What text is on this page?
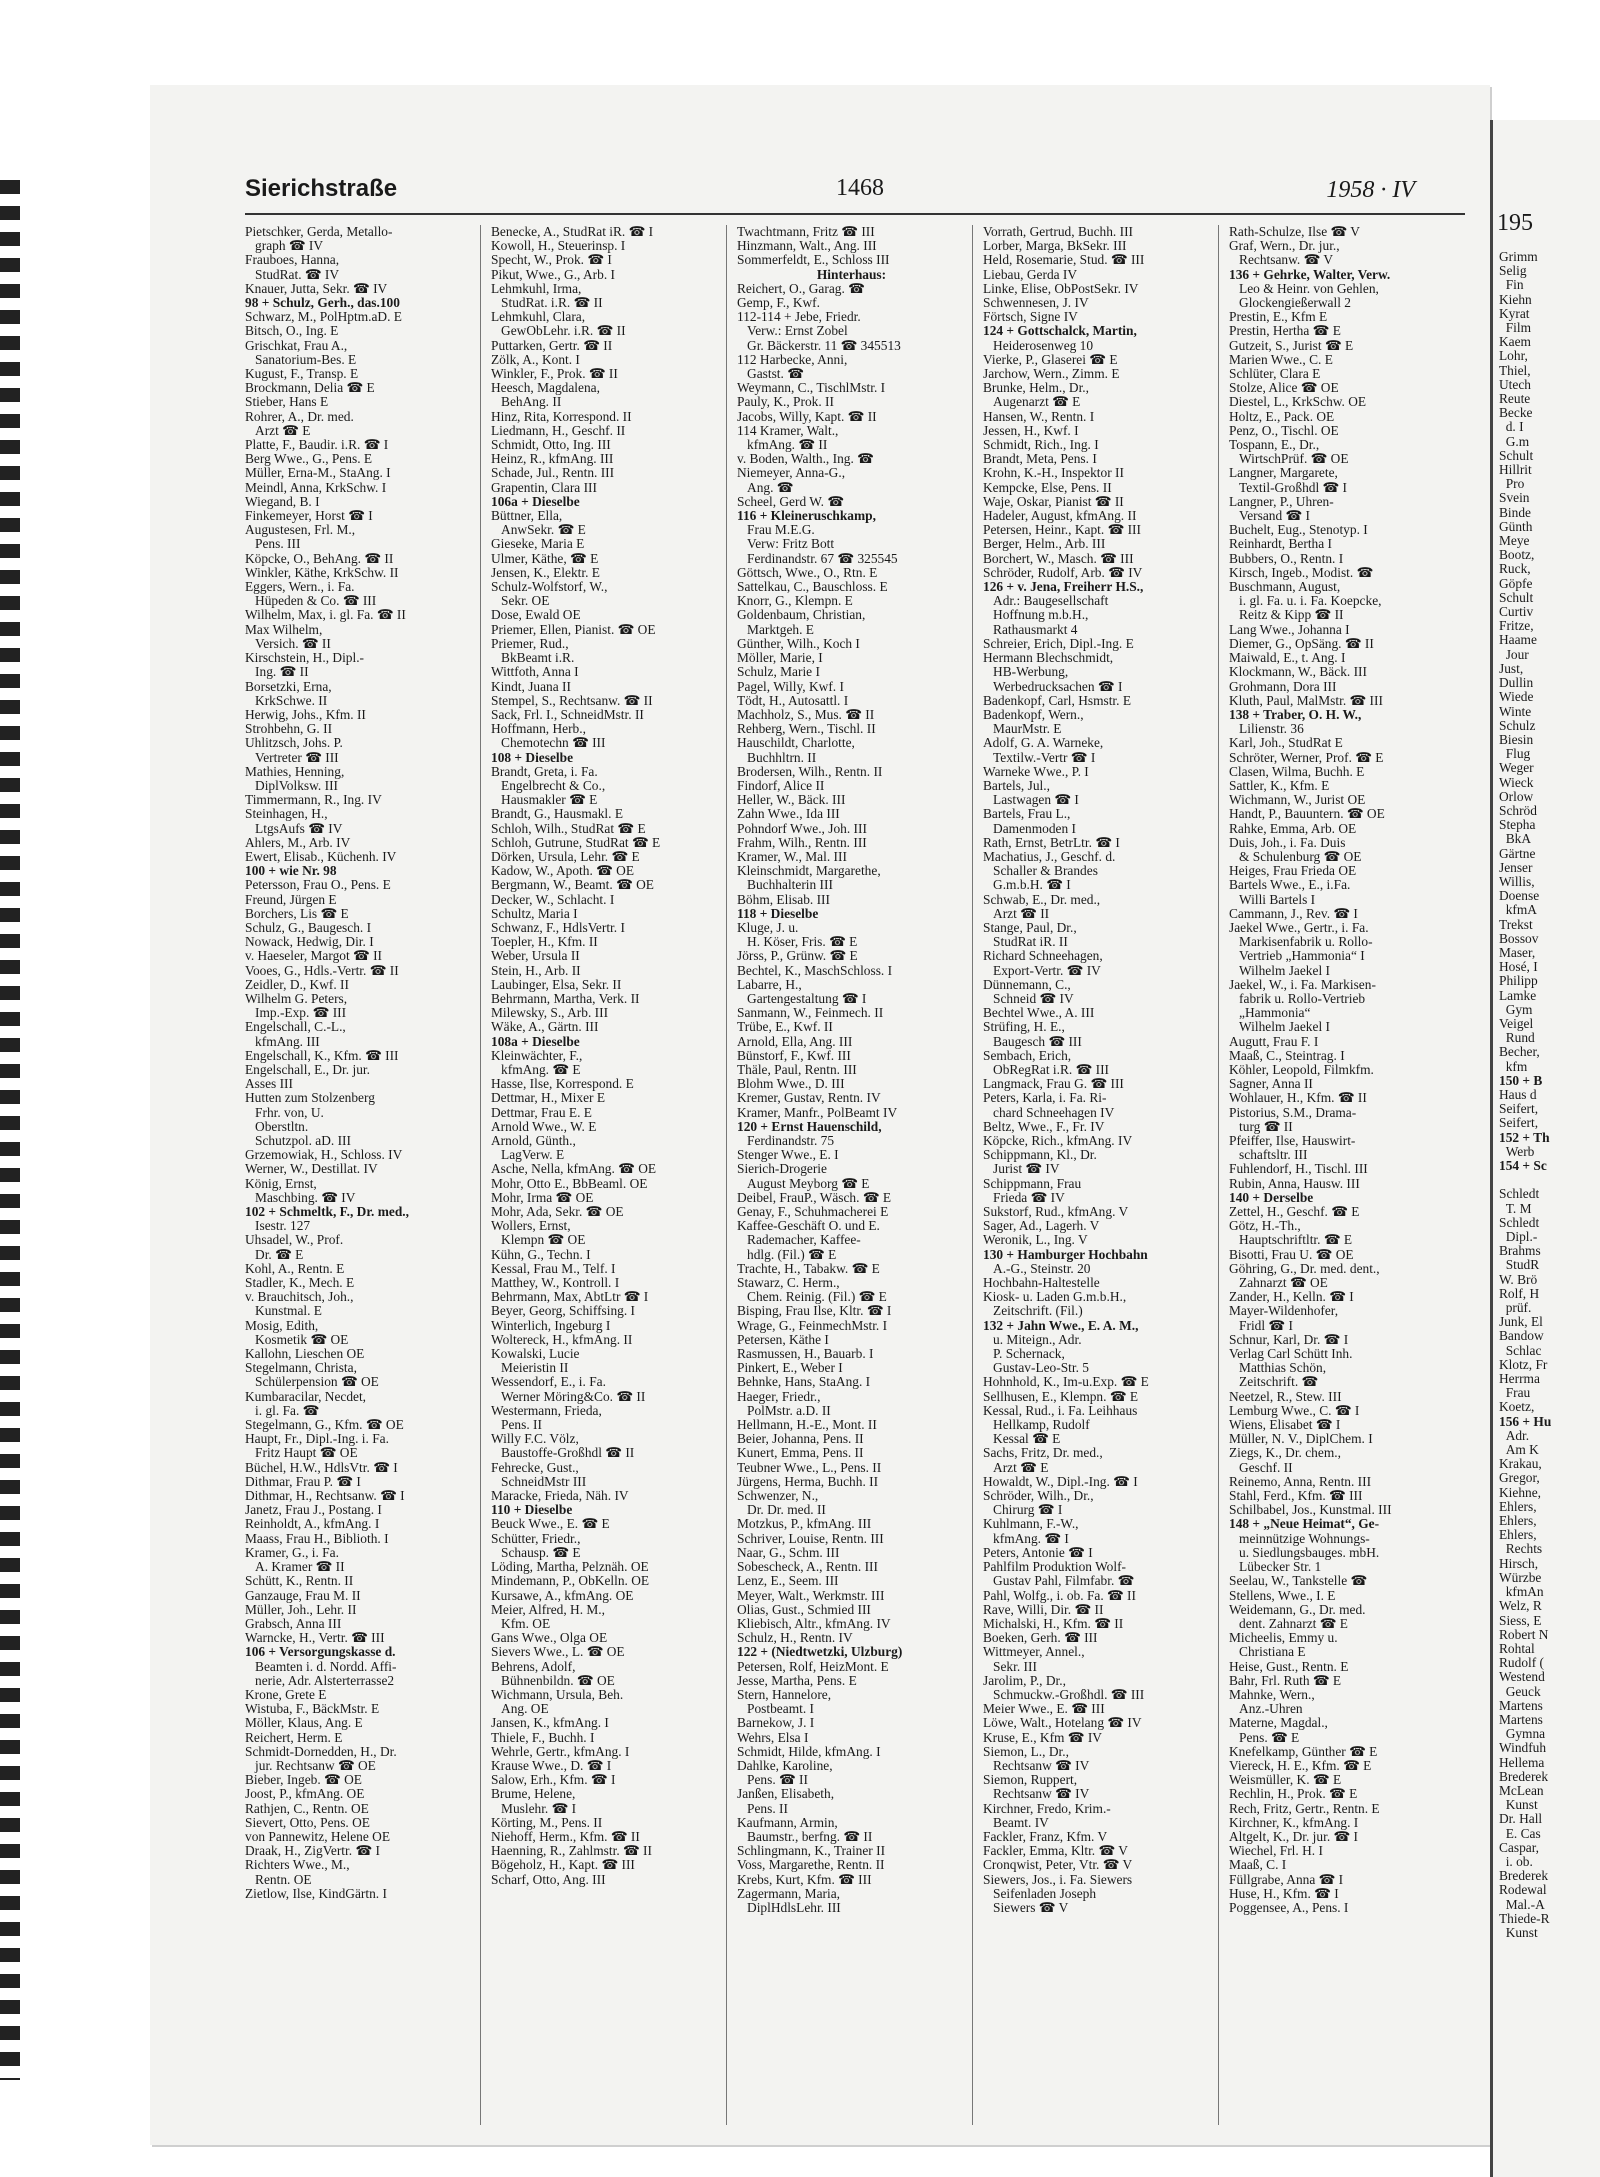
Sierichstraße	1468	1958 · IV
Pietschker, Gerda, Metallo-
graph ☎ IV
Frauboes, Hanna,
StudRat. ☎ IV
Knauer, Jutta, Sekr. ☎ IV
98 + Schulz, Gerh., das.100
Schwarz, M., PolHptm.aD. E
Bitsch, O., Ing. E
Grischkat, Frau A.,
Sanatorium-Bes. E
Kugust, F., Transp. E
Brockmann, Delia ☎ E
Stieber, Hans E
Rohrer, A., Dr. med.
Arzt ☎ E
Platte, F., Baudir. i.R. ☎ I
Berg Wwe., G., Pens. E
Müller, Erna-M., StaAng. I
Meindl, Anna, KrkSchw. I
Wiegand, B. I
Finkemeyer, Horst ☎ I
Augustesen, Frl. M.,
Pens. III
Köpcke, O., BehAng. ☎ II
Winkler, Käthe, KrkSchw. II
Eggers, Wern., i. Fa.
Hüpeden & Co. ☎ III
Wilhelm, Max, i. gl. Fa. ☎ II
Max Wilhelm,
Versich. ☎ II
Kirschstein, H., Dipl.-
Ing. ☎ II
Borsetzki, Erna,
KrkSchwe. II
Herwig, Johs., Kfm. II
Strohbehn, G. II
Uhlitzsch, Johs. P.
Vertreter ☎ III
Mathies, Henning,
DiplVolksw. III
Timmermann, R., Ing. IV
Steinhagen, H.,
LtgsAufs ☎ IV
Ahlers, M., Arb. IV
Ewert, Elisab., Küchenh. IV
100 + wie Nr. 98
Petersson, Frau O., Pens. E
Freund, Jürgen E
Borchers, Lis ☎ E
Schulz, G., Baugesch. I
Nowack, Hedwig, Dir. I
v. Haeseler, Margot ☎ II
Vooes, G., Hdls.-Vertr. ☎ II
Zeidler, D., Kwf. II
Wilhelm G. Peters,
Imp.-Exp. ☎ III
Engelschall, C.-L.,
kfmAng. III
Engelschall, K., Kfm. ☎ III
Engelschall, E., Dr. jur.
Asses III
Hutten zum Stolzenberg
Frhr. von, U.
Oberstltn.
Schutzpol. aD. III
Grzemowiak, H., Schloss. IV
Werner, W., Destillat. IV
König, Ernst,
Maschbing. ☎ IV
102 + Schmeltk, F., Dr. med.,
Isestr. 127
Uhsadel, W., Prof.
Dr. ☎ E
Kohl, A., Rentn. E
Stadler, K., Mech. E
v. Brauchitsch, Joh.,
Kunstmal. E
Mosig, Edith,
Kosmetik ☎ OE
Kallohn, Lieschen OE
Stegelmann, Christa,
Schülerpension ☎ OE
Kumbaracilar, Necdet,
i. gl. Fa. ☎
Stegelmann, G., Kfm. ☎ OE
Haupt, Fr., Dipl.-Ing. i. Fa.
Fritz Haupt ☎ OE
Büchel, H.W., HdlsVtr. ☎ I
Dithmar, Frau P. ☎ I
Dithmar, H., Rechtsanw. ☎ I
Janetz, Frau J., Postang. I
Reinholdt, A., kfmAng. I
Maass, Frau H., Biblioth. I
Kramer, G., i. Fa.
A. Kramer ☎ II
Schütt, K., Rentn. II
Ganzauge, Frau M. II
Müller, Joh., Lehr. II
Grabsch, Anna III
Warncke, H., Vertr. ☎ III
106 + Versorgungskasse d.
Beamten i. d. Nordd. Affi-
nerie, Adr. Alsterterrasse2
Krone, Grete E
Wistuba, F., BäckMstr. E
Möller, Klaus, Ang. E
Reichert, Herm. E
Schmidt-Dornedden, H., Dr.
jur. Rechtsanw ☎ OE
Bieber, Ingeb. ☎ OE
Joost, P., kfmAng. OE
Rathjen, C., Rentn. OE
Sievert, Otto, Pens. OE
von Pannewitz, Helene OE
Draak, H., ZigVertr. ☎ I
Richters Wwe., M.,
Rentn. OE
Zietlow, Ilse, KindGärtn. I
Benecke, A., StudRat iR. ☎ I
Kowoll, H., Steuerinsp. I
Specht, W., Prok. ☎ I
Pikut, Wwe., G., Arb. I
Lehmkuhl, Irma,
StudRat. i.R. ☎ II
Lehmkuhl, Clara,
GewObLehr. i.R. ☎ II
Puttarken, Gertr. ☎ II
Zölk, A., Kont. I
Winkler, F., Prok. ☎ II
Heesch, Magdalena,
BehAng. II
Hinz, Rita, Korrespond. II
Liedmann, H., Geschf. II
Schmidt, Otto, Ing. III
Heinz, R., kfmAng. III
Schade, Jul., Rentn. III
Grapentin, Clara III
106a + Dieselbe
Büttner, Ella,
AnwSekr. ☎ E
Gieseke, Maria E
Ulmer, Käthe, ☎ E
Jensen, K., Elektr. E
Schulz-Wolfstorf, W.,
Sekr. OE
Dose, Ewald OE
Priemer, Ellen, Pianist. ☎ OE
Priemer, Rud.,
BkBeamt i.R.
Wittfoth, Anna I
Kindt, Juana II
Stempel, S., Rechtsanw. ☎ II
Sack, Frl. I., SchneidMstr. II
Hoffmann, Herb.,
Chemotechn ☎ III
108 + Dieselbe
Brandt, Greta, i. Fa.
Engelbrecht & Co.,
Hausmakler ☎ E
Brandt, G., Hausmakl. E
Schloh, Wilh., StudRat ☎ E
Schloh, Gutrune, StudRat ☎ E
Dörken, Ursula, Lehr. ☎ E
Kadow, W., Apoth. ☎ OE
Bergmann, W., Beamt. ☎ OE
Decker, W., Schlacht. I
Schultz, Maria I
Schwanz, F., HdlsVertr. I
Toepler, H., Kfm. II
Weber, Ursula II
Stein, H., Arb. II
Laubinger, Elsa, Sekr. II
Behrmann, Martha, Verk. II
Milewsky, S., Arb. III
Wäke, A., Gärtn. III
108a + Dieselbe
Kleinwächter, F.,
kfmAng. ☎ E
Hasse, Ilse, Korrespond. E
Dettmar, H., Mixer E
Dettmar, Frau E. E
Arnold Wwe., W. E
Arnold, Günth.,
LagVerw. E
Asche, Nella, kfmAng. ☎ OE
Mohr, Otto E., BbBeaml. OE
Mohr, Irma ☎ OE
Mohr, Ada, Sekr. ☎ OE
Wollers, Ernst,
Klempn ☎ OE
Kühn, G., Techn. I
Kessal, Frau M., Telf. I
Matthey, W., Kontroll. I
Behrmann, Max, AbtLtr ☎ I
Beyer, Georg, Schiffsing. I
Winterlich, Ingeburg I
Woltereck, H., kfmAng. II
Kowalski, Lucie
Meieristin II
Wessendorf, E., i. Fa.
Werner Möring&Co. ☎ II
Westermann, Frieda,
Pens. II
Willy F.C. Völz,
Baustoffe-Großhdl ☎ II
Fehrecke, Gust.,
SchneidMstr III
Maracke, Frieda, Näh. IV
110 + Dieselbe
Beuck Wwe., E. ☎ E
Schütter, Friedr.,
Schausp. ☎ E
Löding, Martha, Pelznäh. OE
Mindemann, P., ObKelln. OE
Kursawe, A., kfmAng. OE
Meier, Alfred, H. M.,
Kfm. OE
Gans Wwe., Olga OE
Sievers Wwe., L. ☎ OE
Behrens, Adolf,
Bühnenbildn. ☎ OE
Wichmann, Ursula, Beh.
Ang. OE
Jansen, K., kfmAng. I
Thiele, F., Buchh. I
Wehrle, Gertr., kfmAng. I
Krause Wwe., D. ☎ I
Salow, Erh., Kfm. ☎ I
Brume, Helene,
Muslehr. ☎ I
Körting, M., Pens. II
Niehoff, Herm., Kfm. ☎ II
Haenning, R., Zahlmstr. ☎ II
Bögeholz, H., Kapt. ☎ III
Scharf, Otto, Ang. III
Twachtmann, Fritz ☎ III
Hinzmann, Walt., Ang. III
Sommerfeldt, E., Schloss III
Hinterhaus:
Reichert, O., Garag. ☎
Gemp, F., Kwf.
112-114 + Jebe, Friedr.
Verw.: Ernst Zobel
Gr. Bäckerstr. 11 ☎ 345513
112 Harbecke, Anni,
Gastst. ☎
Weymann, C., TischlMstr. I
Pauly, K., Prok. II
Jacobs, Willy, Kapt. ☎ II
114 Kramer, Walt.,
kfmAng. ☎ II
v. Boden, Walth., Ing. ☎
Niemeyer, Anna-G.,
Ang. ☎
Scheel, Gerd W. ☎
116 + Kleineruschkamp,
Frau M.E.G.
Verw: Fritz Bott
Ferdinandstr. 67 ☎ 325545
Göttsch, Wwe., O., Rtn. E
Sattelkau, C., Bauschloss. E
Knorr, G., Klempn. E
Goldenbaum, Christian,
Marktgeh. E
Günther, Wilh., Koch I
Möller, Marie, I
Schulz, Marie I
Pagel, Willy, Kwf. I
Tödt, H., Autosattl. I
Machholz, S., Mus. ☎ II
Rehberg, Wern., Tischl. II
Hauschildt, Charlotte,
Buchhltrn. II
Brodersen, Wilh., Rentn. II
Findorf, Alice II
Heller, W., Bäck. III
Zahn Wwe., Ida III
Pohndorf Wwe., Joh. III
Frahm, Wilh., Rentn. III
Kramer, W., Mal. III
Kleinschmidt, Margarethe,
Buchhalterin III
Böhm, Elisab. III
118 + Dieselbe
Kluge, J. u.
H. Köser, Fris. ☎ E
Jörss, P., Grünw. ☎ E
Bechtel, K., MaschSchloss. I
Labarre, H.,
Gartengestaltung ☎ I
Sanmann, W., Feinmech. II
Trübe, E., Kwf. II
Arnold, Ella, Ang. III
Bünstorf, F., Kwf. III
Thäle, Paul, Rentn. III
Blohm Wwe., D. III
Kremer, Gustav, Rentn. IV
Kramer, Manfr., PolBeamt IV
120 + Ernst Hauenschild,
Ferdinandstr. 75
Stenger Wwe., E. I
Sierich-Drogerie
August Meyborg ☎ E
Deibel, FrauP., Wäsch. ☎ E
Genay, F., Schuhmacherei E
Kaffee-Geschäft O. und E.
Rademacher, Kaffee-
hdlg. (Fil.) ☎ E
Trachte, H., Tabakw. ☎ E
Stawarz, C. Herm.,
Chem. Reinig. (Fil.) ☎ E
Bisping, Frau Ilse, Kltr. ☎ I
Wrage, G., FeinmechMstr. I
Petersen, Käthe I
Rasmussen, H., Bauarb. I
Pinkert, E., Weber I
Behnke, Hans, StaAng. I
Haeger, Friedr.,
PolMstr. a.D. II
Hellmann, H.-E., Mont. II
Beier, Johanna, Pens. II
Kunert, Emma, Pens. II
Teubner Wwe., L., Pens. II
Jürgens, Herma, Buchh. II
Schwenzer, N.,
Dr. Dr. med. II
Motzkus, P., kfmAng. III
Schriver, Louise, Rentn. III
Naar, G., Schm. III
Sobescheck, A., Rentn. III
Lenz, E., Seem. III
Meyer, Walt., Werkmstr. III
Olias, Gust., Schmied III
Kliebisch, Altr., kfmAng. IV
Schulz, H., Rentn. IV
122 + (Niedtwetzki, Ulzburg)
Petersen, Rolf, HeizMont. E
Jesse, Martha, Pens. E
Stern, Hannelore,
Postbeamt. I
Barnekow, J. I
Wehrs, Elsa I
Schmidt, Hilde, kfmAng. I
Dahlke, Karoline,
Pens. ☎ II
Janßen, Elisabeth,
Pens. II
Kaufmann, Armin,
Baumstr., berfng. ☎ II
Schlingmann, K., Trainer II
Voss, Margarethe, Rentn. II
Krebs, Kurt, Kfm. ☎ III
Zagermann, Maria,
DiplHdlsLehr. III
Vorrath, Gertrud, Buchh. III
Lorber, Marga, BkSekr. III
Held, Rosemarie, Stud. ☎ III
Liebau, Gerda IV
Linke, Elise, ObPostSekr. IV
Schwennesen, J. IV
Förtsch, Signe IV
124 + Gottschalck, Martin,
Heiderosenweg 10
Vierke, P., Glaserei ☎ E
Jarchow, Wern., Zimm. E
Brunke, Helm., Dr.,
Augenarzt ☎ E
Hansen, W., Rentn. I
Jessen, H., Kwf. I
Schmidt, Rich., Ing. I
Brandt, Meta, Pens. I
Krohn, K.-H., Inspektor II
Kempcke, Else, Pens. II
Waje, Oskar, Pianist ☎ II
Hadeler, August, kfmAng. II
Petersen, Heinr., Kapt. ☎ III
Berger, Helm., Arb. III
Borchert, W., Masch. ☎ III
Schröder, Rudolf, Arb. ☎ IV
126 + v. Jena, Freiherr H.S.,
Adr.: Baugesellschaft
Hoffnung m.b.H.,
Rathausmarkt 4
Schreier, Erich, Dipl.-Ing. E
Hermann Blechschmidt,
HB-Werbung,
Werbedrucksachen ☎ I
Badenkopf, Carl, Hsmstr. E
Badenkopf, Wern.,
MaurMstr. E
Adolf, G. A. Warneke,
Textilw.-Vertr ☎ I
Warneke Wwe., P. I
Bartels, Jul.,
Lastwagen ☎ I
Bartels, Frau L.,
Damenmoden I
Rath, Ernst, BetrLtr. ☎ I
Machatius, J., Geschf. d.
Schaller & Brandes
G.m.b.H. ☎ I
Schwab, E., Dr. med.,
Arzt ☎ II
Stange, Paul, Dr.,
StudRat iR. II
Richard Schneehagen,
Export-Vertr. ☎ IV
Dünnemann, C.,
Schneid ☎ IV
Bechtel Wwe., A. III
Strüfing, H. E.,
Baugesch ☎ III
Sembach, Erich,
ObRegRat i.R. ☎ III
Langmack, Frau G. ☎ III
Peters, Karla, i. Fa. Ri-
chard Schneehagen IV
Beltz, Wwe., F., Fr. IV
Köpcke, Rich., kfmAng. IV
Schippmann, Kl., Dr.
Jurist ☎ IV
Schippmann, Frau
Frieda ☎ IV
Sukstorf, Rud., kfmAng. V
Sager, Ad., Lagerh. V
Weronik, L., Ing. V
130 + Hamburger Hochbahn
A.-G., Steinstr. 20
Hochbahn-Haltestelle
Kiosk- u. Laden G.m.b.H.,
Zeitschrift. (Fil.)
132 + Jahn Wwe., E. A. M.,
u. Miteign., Adr.
P. Schernack,
Gustav-Leo-Str. 5
Hohnhold, K., Im-u.Exp. ☎ E
Sellhusen, E., Klempn. ☎ E
Kessal, Rud., i. Fa. Leihhaus
Hellkamp, Rudolf
Kessal ☎ E
Sachs, Fritz, Dr. med.,
Arzt ☎ E
Howaldt, W., Dipl.-Ing. ☎ I
Schröder, Wilh., Dr.,
Chirurg ☎ I
Kuhlmann, F.-W.,
kfmAng. ☎ I
Peters, Antonie ☎ I
Pahlfilm Produktion Wolf-
Gustav Pahl, Filmfabr. ☎
Pahl, Wolfg., i. ob. Fa. ☎ II
Rave, Willi, Dir. ☎ II
Michalski, H., Kfm. ☎ II
Boeken, Gerh. ☎ III
Wittmeyer, Annel.,
Sekr. III
Jarolim, P., Dr.,
Schmuckw.-Großhdl. ☎ III
Meier Wwe., E. ☎ III
Löwe, Walt., Hotelang ☎ IV
Kruse, E., Kfm ☎ IV
Siemon, L., Dr.,
Rechtsanw ☎ IV
Siemon, Ruppert,
Rechtsanw ☎ IV
Kirchner, Fredo, Krim.-
Beamt. IV
Fackler, Franz, Kfm. V
Fackler, Emma, Kltr. ☎ V
Cronqwist, Peter, Vtr. ☎ V
Siewers, Jos., i. Fa. Siewers
Seifenladen Joseph
Siewers ☎ V
Rath-Schulze, Ilse ☎ V
Graf, Wern., Dr. jur.,
Rechtsanw. ☎ V
136 + Gehrke, Walter, Verw.
Leo & Heinr. von Gehlen,
Glockengießerwall 2
Prestin, E., Kfm E
Prestin, Hertha ☎ E
Gutzeit, S., Jurist ☎ E
Marien Wwe., C. E
Schlüter, Clara E
Stolze, Alice ☎ OE
Diestel, L., KrkSchw. OE
Holtz, E., Pack. OE
Penz, O., Tischl. OE
Tospann, E., Dr.,
WirtschPrüf. ☎ OE
Langner, Margarete,
Textil-Großhdl ☎ I
Langner, P., Uhren-
Versand ☎ I
Buchelt, Eug., Stenotyp. I
Reinhardt, Bertha I
Bubbers, O., Rentn. I
Kirsch, Ingeb., Modist. ☎
Buschmann, August,
i. gl. Fa. u. i. Fa. Koepcke,
Reitz & Kipp ☎ II
Lang Wwe., Johanna I
Diemer, G., OpSäng. ☎ II
Maiwald, E., t. Ang. I
Klockmann, W., Bäck. III
Grohmann, Dora III
Kluth, Paul, MalMstr. ☎ III
138 + Traber, O. H. W.,
Lilienstr. 36
Karl, Joh., StudRat E
Schröter, Werner, Prof. ☎ E
Clasen, Wilma, Buchh. E
Sattler, K., Kfm. E
Wichmann, W., Jurist OE
Handt, P., Bauuntern. ☎ OE
Rahke, Emma, Arb. OE
Duis, Joh., i. Fa. Duis
& Schulenburg ☎ OE
Heiges, Frau Frieda OE
Bartels Wwe., E., i.Fa.
Willi Bartels I
Cammann, J., Rev. ☎ I
Jaekel Wwe., Gertr., i. Fa.
Markisenfabrik u. Rollo-
Vertrieb „Hammonia“ I
Wilhelm Jaekel I
Jaekel, W., i. Fa. Markisen-
fabrik u. Rollo-Vertrieb
„Hammonia“
Wilhelm Jaekel I
Augutt, Frau F. I
Maaß, C., Steintrag. I
Köhler, Leopold, Filmkfm.
Sagner, Anna II
Wohlauer, H., Kfm. ☎ II
Pistorius, S.M., Drama-
turg ☎ II
Pfeiffer, Ilse, Hauswirt-
schaftsltr. III
Fuhlendorf, H., Tischl. III
Rubin, Anna, Hausw. III
140 + Derselbe
Zettel, H., Geschf. ☎ E
Götz, H.-Th.,
Hauptschriftltr. ☎ E
Bisotti, Frau U. ☎ OE
Göhring, G., Dr. med. dent.,
Zahnarzt ☎ OE
Zander, H., Kelln. ☎ I
Mayer-Wildenhofer,
Fridl ☎ I
Schnur, Karl, Dr. ☎ I
Verlag Carl Schütt Inh.
Matthias Schön,
Zeitschrift. ☎
Neetzel, R., Stew. III
Lemburg Wwe., C. ☎ I
Wiens, Elisabet ☎ I
Müller, N. V., DiplChem. I
Ziegs, K., Dr. chem.,
Geschf. II
Reinemo, Anna, Rentn. III
Stahl, Ferd., Kfm. ☎ III
Schilbabel, Jos., Kunstmal. III
148 + „Neue Heimat“, Ge-
meinnützige Wohnungs-
u. Siedlungsbauges. mbH.
Lübecker Str. 1
Seelau, W., Tankstelle ☎
Stellens, Wwe., I. E
Weidemann, G., Dr. med.
dent. Zahnarzt ☎ E
Micheelis, Emmy u.
Christiana E
Heise, Gust., Rentn. E
Bahr, Frl. Ruth ☎ E
Mahnke, Wern.,
Anz.-Uhren
Materne, Magdal.,
Pens. ☎ E
Knefelkamp, Günther ☎ E
Viereck, H. E., Kfm. ☎ E
Weismüller, K. ☎ E
Rechlin, H., Prok. ☎ E
Rech, Fritz, Gertr., Rentn. E
Kirchner, K., kfmAng. I
Altgelt, K., Dr. jur. ☎ I
Wiechel, Frl. H. I
Maaß, C. I
Füllgrabe, Anna ☎ I
Huse, H., Kfm. ☎ I
Poggensee, A., Pens. I
195
Grimm
Selig
Fin
Kiehn
Kyrat
Film
Kaem
Lohr,
Thiel,
Utech
Reute
Becke
d. I
G.m
Schult
Hillrit
Pro
Svein
Binde
Günth
Meye
Bootz,
Ruck,
Göpfe
Schult
Curtiv
Fritze,
Haame
Jour
Just,
Dullin
Wiede
Winte
Schulz
Biesin
Flug
Weger
Wieck
Orlow
Schröd
Stepha
BkA
Gärtne
Jenser
Willis,
Doense
kfmA
Trekst
Bossov
Maser,
Hosé, I
Philipp
Lamke
Gym
Veigel
Rund
Becher,
kfm
150 + B
Haus d
Seifert,
Seifert,
152 + Th
Werb
154 + Sc

Schledt
T. M
Schledt
Dipl.-
Brahms
StudR
W. Brö
Rolf, H
prüf.
Junk, El
Bandow
Schlac
Klotz, Fr
Herrma
Frau
Koetz,
156 + Hu
Adr.
Am K
Krakau,
Gregor,
Kiehne,
Ehlers,
Ehlers,
Ehlers,
Rechts
Hirsch,
Würzbe
kfmAn
Welz, R
Siess, E
Robert N
Rohtal
Rudolf (
Westend
Geuck
Martens
Martens
Gymna
Windfuh
Hellema
Brederek
McLean
Kunst
Dr. Hall
E. Cas
Caspar,
i. ob.
Brederek
Rodewal
Mal.-A
Thiede-R
Kunst
